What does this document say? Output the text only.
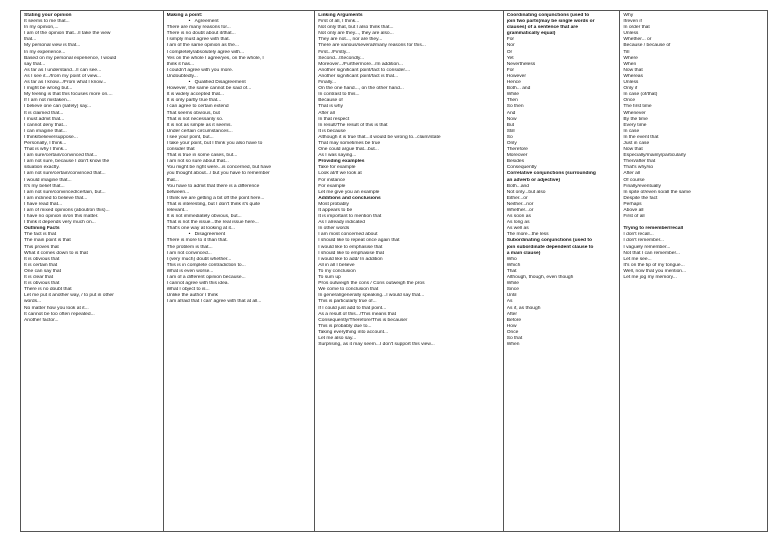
Stating your opinion
It seems to me that...
In my opinion,...
I am of the opinion that.../I take the view
that...
My personal view is that...
In my experience...
Based on my personal experience, I would
say that...
As far as I understand.../I can see...
As I see it.../from my point of view...
As far as I know.../From what I know...
I might be wrong but...
My feeling is that this focuses more on....
If I am not mistaken...
I believe one can (safely) say...
It is claimed that...
I must admit that...
I cannot deny that...
I can imagine that...
I think/believe/suppose...
Personally, I think...
That is why I think...
I am sure/certain/convinced that...
I am not sure, because I don't know the
situation exactly.
I am not sure/certain/convinced that...
I would imagine that...
It's my belief that...
I am not sure/convinced/certain, but...
I am inclined to believe that...
I have read that...
I am of mixed opinions (about/on this)...
I have no opinion in/on this matter.
I think it depends very much on...
Outlining Facts
The fact is that
The main point is that
This proves that
What it comes down to is that
It is obvious that
It is certain that
One can say that
It is clear that
It is obvious that
There is no doubt that
Let me put it another way, / to put in other
words...
No matter how you look at it...
It cannot be too often repeated...
Another factor...
Making a point:
• Agreement
There are many reasons for...
There is no doubt about it/that...
I simply must agree with that.
I am of the same opinion as the...
I completely/absolutely agree with...
Yes on the whole I agree/yes, on the whole, I
think it has...
I couldn't agree with you more.
Undoubtedly...
• Qualified Disagreement
However, the same cannot be said of...
It is widely accepted that...
It is only partly true that...
I can agree to certain extend
That seems obvious, but
That is not necessarily so.
It is not as simple as it seems.
Under certain circumstances...
I see your point, but...
I take your point, but I think you also have to
consider that
That is true in some cases, but...
I am not so sure about that...
You might be right were...is concerned, but have
you thought about.../ but you have to remember
that...
You have to admit that there is a difference
between...
I think we are getting a bit off the point here...
That is interesting, but I don't think it's quite
relevant...
It is not immediately obvious, but...
That is not the issue...the real issue here...
That's one way at looking at it...
• Disagreement
There is more to it than that.
The problem is that...
I am not convinced...
I (very much) doubt whether...
This is in complete contradiction to...
What is even worse...
I am of a different opinion because...
I cannot agree with this idea.
What I object to is...
Unlike the author I think
I am afraid that I can' agree with that at all...
Linking Arguments
First of all, I think...
Not only that, but I also think that...
Not only are they..., they are also...
They are not..., nor are they...
There are various/several/many reasons for this...
First.../Firstly...
Second.../Secondly...
Moreover.../Furthermore.../In addition...
Another significant point/fact to consider....
Another significant point/fact is that...
Finally...
On the one hand..., on the other hand...
In contrast to this...
Because of
That is why
After all
In that respect
In result/The result of this is that
It is because
Although it is true that...it would be wrong to...claim/state
That may sometimes be true
One could argue that...but...
As I was saying...
Providing examples
Take for example
Look at/If we look at
For instance
For example
Let me give you an example
Additions and conclusions
Most probably
It appears to be
It is important to mention that
As I already indicated
In other words
I am most concerned about
I should like to repeat once again that
I would like to emphasise that
I should like to emphasise that
I would like to add/ In addition
All in all I believe
To my conclusion
To sum up
Pros outweigh the cons / Cons outweigh the pros
We come to conclusion that
In general/generally speaking...I would say that...
This is particularly true of...
If I could just add to that point...
As a result of this.../This means that
Consequently/Therefore/This is because/
This is probably due to...
Taking everything into account...
Let me also say...
Surprising, as it may seem...I don't support this view...
Coordinating conjunctions (used to
join two parts(may be single words or
clauses) of a sentence that are
grammatically equal)
For
Nor
Or
Yet
Nevertheless
For
However
Hence
Both... and
While
Then
So then
And
Now
But
Still
So
Only
Therefore
Moreover
Besides
Consequently
Correlative conjunctions (surrounding
an adverb or adjective)
Both...and
Not only...but also
Either...or
Neither...nor
Whether...or
As soon as
As long as
As well as
The more...the less
Subordinating conjunctions (used to
join subordinate dependent clause to
a main clause)
Who
Which
That
Although, though, even though
While
Since
Until
As
As if, as though
After
Before
How
Once
So that
When
Why
If/even if
In order that
Unless
Whether... or
Because / because of
Till
Where
When
Now that
Whereas
Unless
Only if
In case (of/that)
Once
The first time
Whenever
By the time
Every time
In case
In the event that
Just in case
Now that
Especially/mainly/particularly
Then/after that
That's why/so
After all
Of course
Finally/eventually
In spite of/even so/all the same
Despite the fact
Perhaps
Above all
First of all

Trying to remember/recall
I don't recall...
I don't remember...
I vaguely remember...
Not that I can remember...
Let me see...
It's on the tip of my tongue...
Well, now that you mention...
Let me jog my memory...
